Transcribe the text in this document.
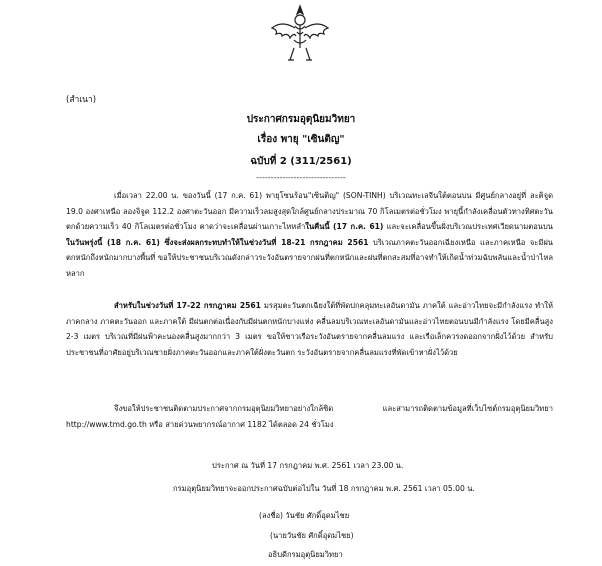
(สำเนา)
ประกาศกรมอุตุนิยมวิทยา
เรื่อง พายุ "เซินติญ"
ฉบับที่ 2 (311/2561)
-------------------------------
เมื่อเวลา 22.00 น. ของวันนี้ (17 ก.ค. 61) พายุโซนร้อน"เซินติญ" (SON-TINH) บริเวณทะเลจีนใต้ตอนบน มีศูนย์กลางอยู่ที่ ละติจูด 19.0 องศาเหนือ ลองจิจูด 112.2 องศาตะวันออก มีความเร็วลมสูงสุดใกล้ศูนย์กลางประมาณ 70 กิโลเมตรต่อชั่วโมง พายุนี้กำลังเคลื่อนตัวทางทิศตะวันตกด้วยความเร็ว 40 กิโลเมตรต่อชั่วโมง คาดว่าจะเคลื่อนผ่านเกาะไหหลำในคืนนี้ (17 ก.ค. 61) และจะเคลื่อนขึ้นฝั่งบริเวณประเทศเวียดนามตอนบนในวันพรุ่งนี้ (18 ก.ค. 61) ซึ่งจะส่งผลกระทบทำให้ในช่วงวันที่ 18-21 กรกฎาคม 2561 บริเวณภาคตะวันออกเฉียงเหนือ และภาคเหนือ จะมีฝนตกหนักถึงหนักมากบางพื้นที่ ขอให้ประชาชนบริเวณดังกล่าวระวังอันตรายจากฝนที่ตกหนักและฝนที่ตกสะสมที่อาจทำให้เกิดน้ำท่วมฉับพลันและน้ำป่าไหลหลาก
สำหรับในช่วงวันที่ 17-22 กรกฎาคม 2561 มรสุมตะวันตกเฉียงใต้ที่พัดปกคลุมทะเลอันดามัน ภาคใต้ และอ่าวไทยจะมีกำลังแรง ทำให้ภาคกลาง ภาคตะวันออก และภาคใต้ มีฝนตกต่อเนื่องกับมีฝนตกหนักบางแห่ง คลื่นลมบริเวณทะเลอันดามันและอ่าวไทยตอนบนมีกำลังแรง โดยมีคลื่นสูง 2-3 เมตร บริเวณที่มีฝนฟ้าคะนองคลื่นสูงมากกว่า 3 เมตร ขอให้ชาวเรือระวังอันตรายจากคลื่นลมแรง และเรือเล็กควรงดออกจากฝั่งไว้ด้วย สำหรับประชาชนที่อาศัยอยู่บริเวณชายฝั่งภาคตะวันออกและภาคใต้ฝั่งตะวันตก ระวังอันตรายจากคลื่นลมแรงที่พัดเข้าหาฝั่งไว้ด้วย
จึงขอให้ประชาชนติดตามประกาศจากกรมอุตุนิยมวิทยาอย่างใกล้ชิด และสามารถติดตามข้อมูลที่เว็บไซต์กรมอุตุนิยมวิทยา http://www.tmd.go.th หรือ สายด่วนพยากรณ์อากาศ 1182 ได้ตลอด 24 ชั่วโมง
ประกาศ ณ วันที่ 17 กรกฎาคม พ.ศ. 2561 เวลา 23.00 น.
กรมอุตุนิยมวิทยาจะออกประกาศฉบับต่อไปใน วันที่ 18 กรกฎาคม พ.ศ. 2561 เวลา 05.00 น.
(ลงชื่อ) วันชัย ศักดิ์อุดมไชย
(นายวันชัย ศักดิ์อุดมไชย)
อธิบดีกรมอุตุนิยมวิทยา
